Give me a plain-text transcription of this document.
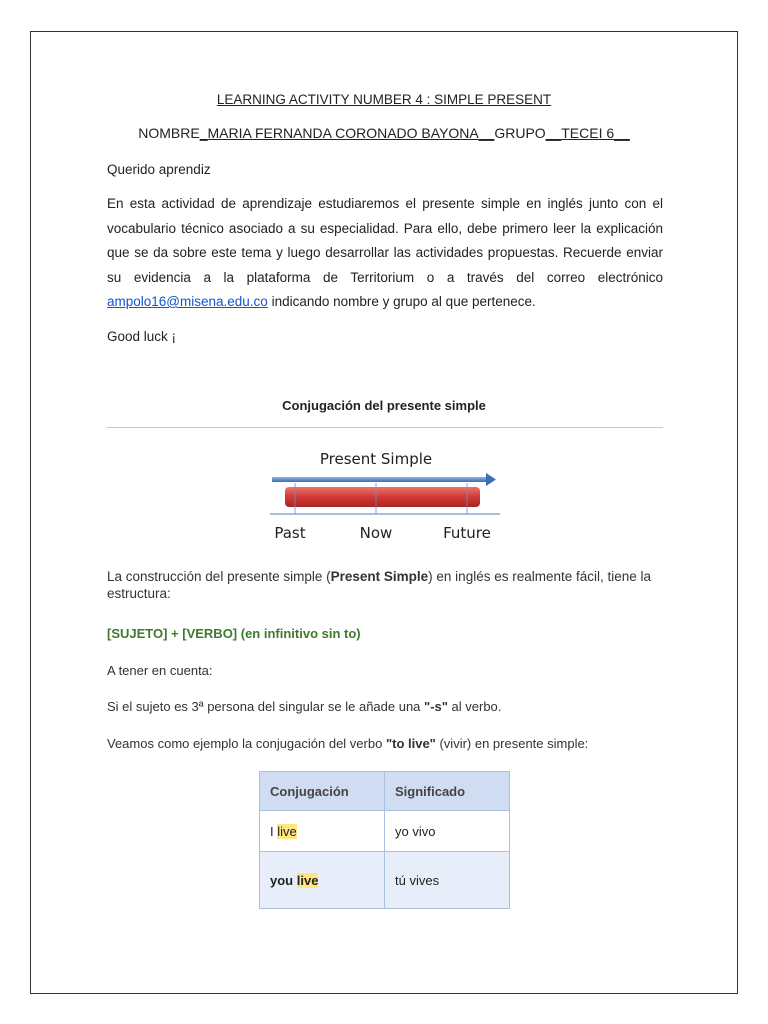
LEARNING ACTIVITY NUMBER 4 : SIMPLE PRESENT
NOMBRE_MARIA FERNANDA CORONADO BAYONA__GRUPO__TECEI 6__
Querido aprendiz
En esta actividad de aprendizaje estudiaremos el presente simple en inglés junto con el vocabulario técnico asociado a su especialidad. Para ello, debe primero leer la explicación que se da sobre este tema y luego desarrollar las actividades propuestas. Recuerde enviar su evidencia a la plataforma de Territorium o a través del correo electrónico ampolo16@misena.edu.co indicando nombre y grupo al que pertenece.
Good luck ¡
Conjugación del presente simple
Present Simple
Past	Now	Future
La construcción del presente simple (Present Simple) en inglés es realmente fácil, tiene la estructura:
[SUJETO] + [VERBO] (en infinitivo sin to)
A tener en cuenta:
Si el sujeto es 3ª persona del singular se le añade una "-s" al verbo.
Veamos como ejemplo la conjugación del verbo "to live" (vivir) en presente simple:
Conjugación	Significado
I live	yo vivo
you live	tú vives
